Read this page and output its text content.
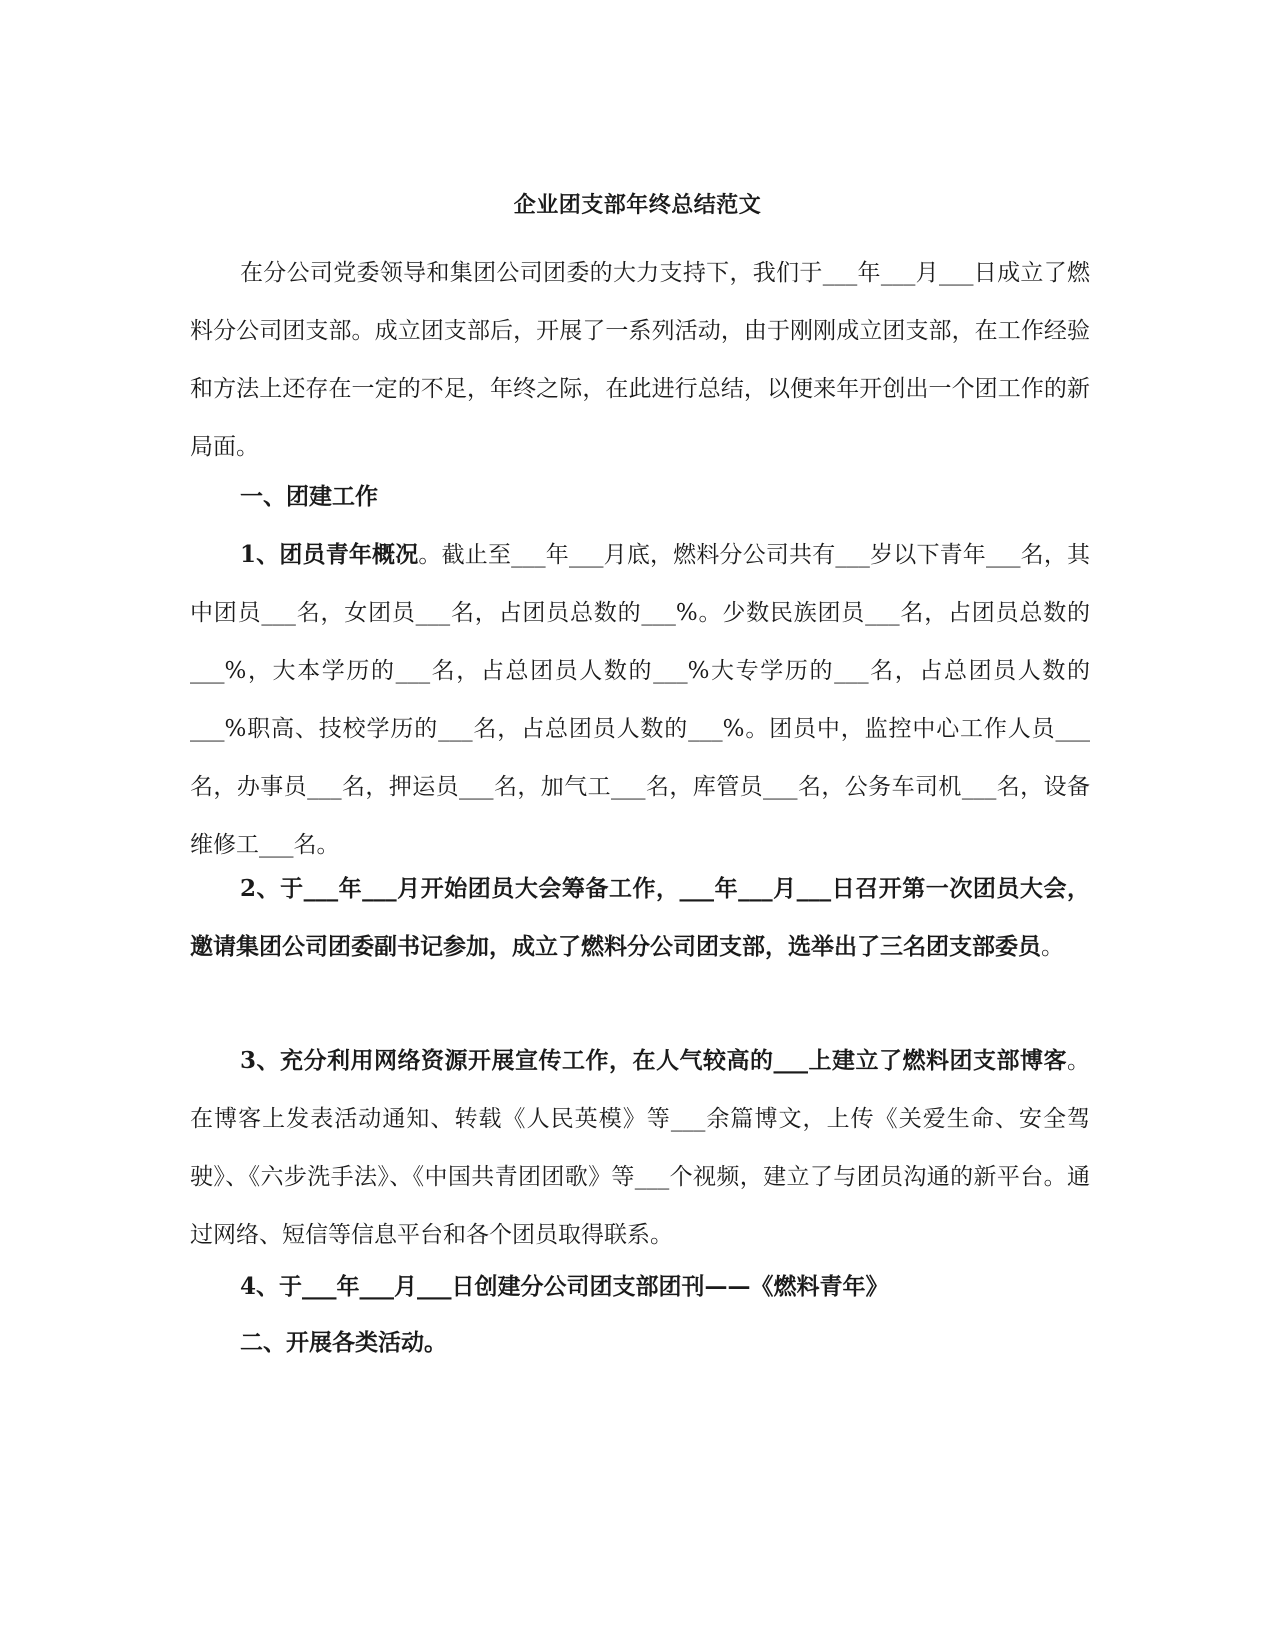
企业团支部年终总结范文

在分公司党委领导和集团公司团委的大力支持下，我们于___年___月___日成立了燃料分公司团支部。成立团支部后，开展了一系列活动，由于刚刚成立团支部，在工作经验和方法上还存在一定的不足，年终之际，在此进行总结，以便来年开创出一个团工作的新局面。

一、团建工作

1、团员青年概况。截止至___年___月底，燃料分公司共有___岁以下青年___名，其中团员___名，女团员___名，占团员总数的___%。少数民族团员___名，占团员总数的___%，大本学历的___名，占总团员人数的___%大专学历的___名，占总团员人数的___%职高、技校学历的___名，占总团员人数的___%。团员中，监控中心工作人员___名，办事员___名，押运员___名，加气工___名，库管员___名，公务车司机___名，设备维修工___名。

2、于___年___月开始团员大会筹备工作，___年___月___日召开第一次团员大会，邀请集团公司团委副书记参加，成立了燃料分公司团支部，选举出了三名团支部委员。

3、充分利用网络资源开展宣传工作，在人气较高的___上建立了燃料团支部博客。在博客上发表活动通知、转载《人民英模》等___余篇博文，上传《关爱生命、安全驾驶》、《六步洗手法》、《中国共青团团歌》等___个视频，建立了与团员沟通的新平台。通过网络、短信等信息平台和各个团员取得联系。

4、于___年___月___日创建分公司团支部团刊——《燃料青年》

二、开展各类活动。
